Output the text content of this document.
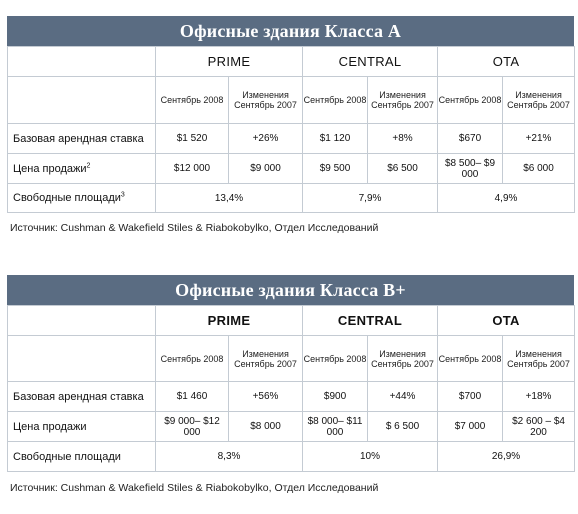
Офисные здания Класса А
	PRIME		CENTRAL		OTA	
	Сентябрь 2008	Изменения Сентябрь 2007	Сентябрь 2008	Изменения Сентябрь 2007	Сентябрь 2008	Изменения Сентябрь 2007
Базовая арендная ставка	$1 520	+26%	$1 120	+8%	$670	+21%
Цена продажи$^2$	$12 000	$9 000	$9 500	$6 500	$8 500– $9 000	$6 000
Свободные площади$^3$	13,4%		7,9%		4,9%	
Источник: Cushman & Wakefield Stiles & Riabokobylko, Отдел Исследований
Офисные здания Класса B+
	PRIME		CENTRAL		OTA	
	Сентябрь 2008	Изменения Сентябрь 2007	Сентябрь 2008	Изменения Сентябрь 2007	Сентябрь 2008	Изменения Сентябрь 2007
Базовая арендная ставка	$1 460	+56%	$900	+44%	$700	+18%
Цена продажи	$9 000– $12 000	$8 000	$8 000– $11 000	$ 6 500	$7 000	$2 600 – $4 200
Свободные площади	8,3%		10%		26,9%	
Источник: Cushman & Wakefield Stiles & Riabokobylko, Отдел Исследований
